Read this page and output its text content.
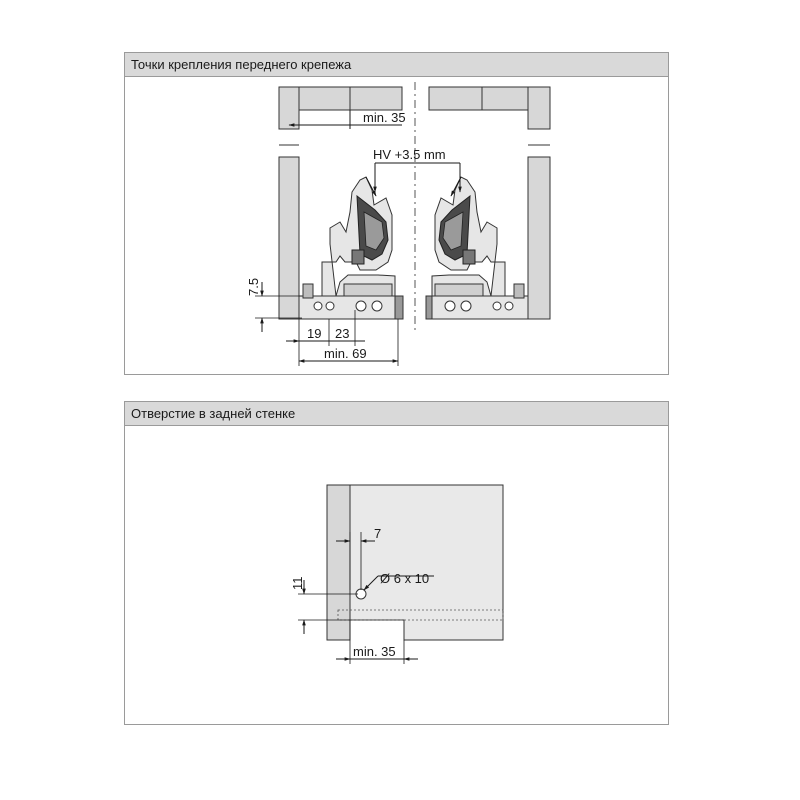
Точки крепления переднего крепежа
Отверстие в задней стенке
min. 35
HV +3.5 mm
7.5
19 23
min. 69
7
Ø 6 x 10
11
min. 35
